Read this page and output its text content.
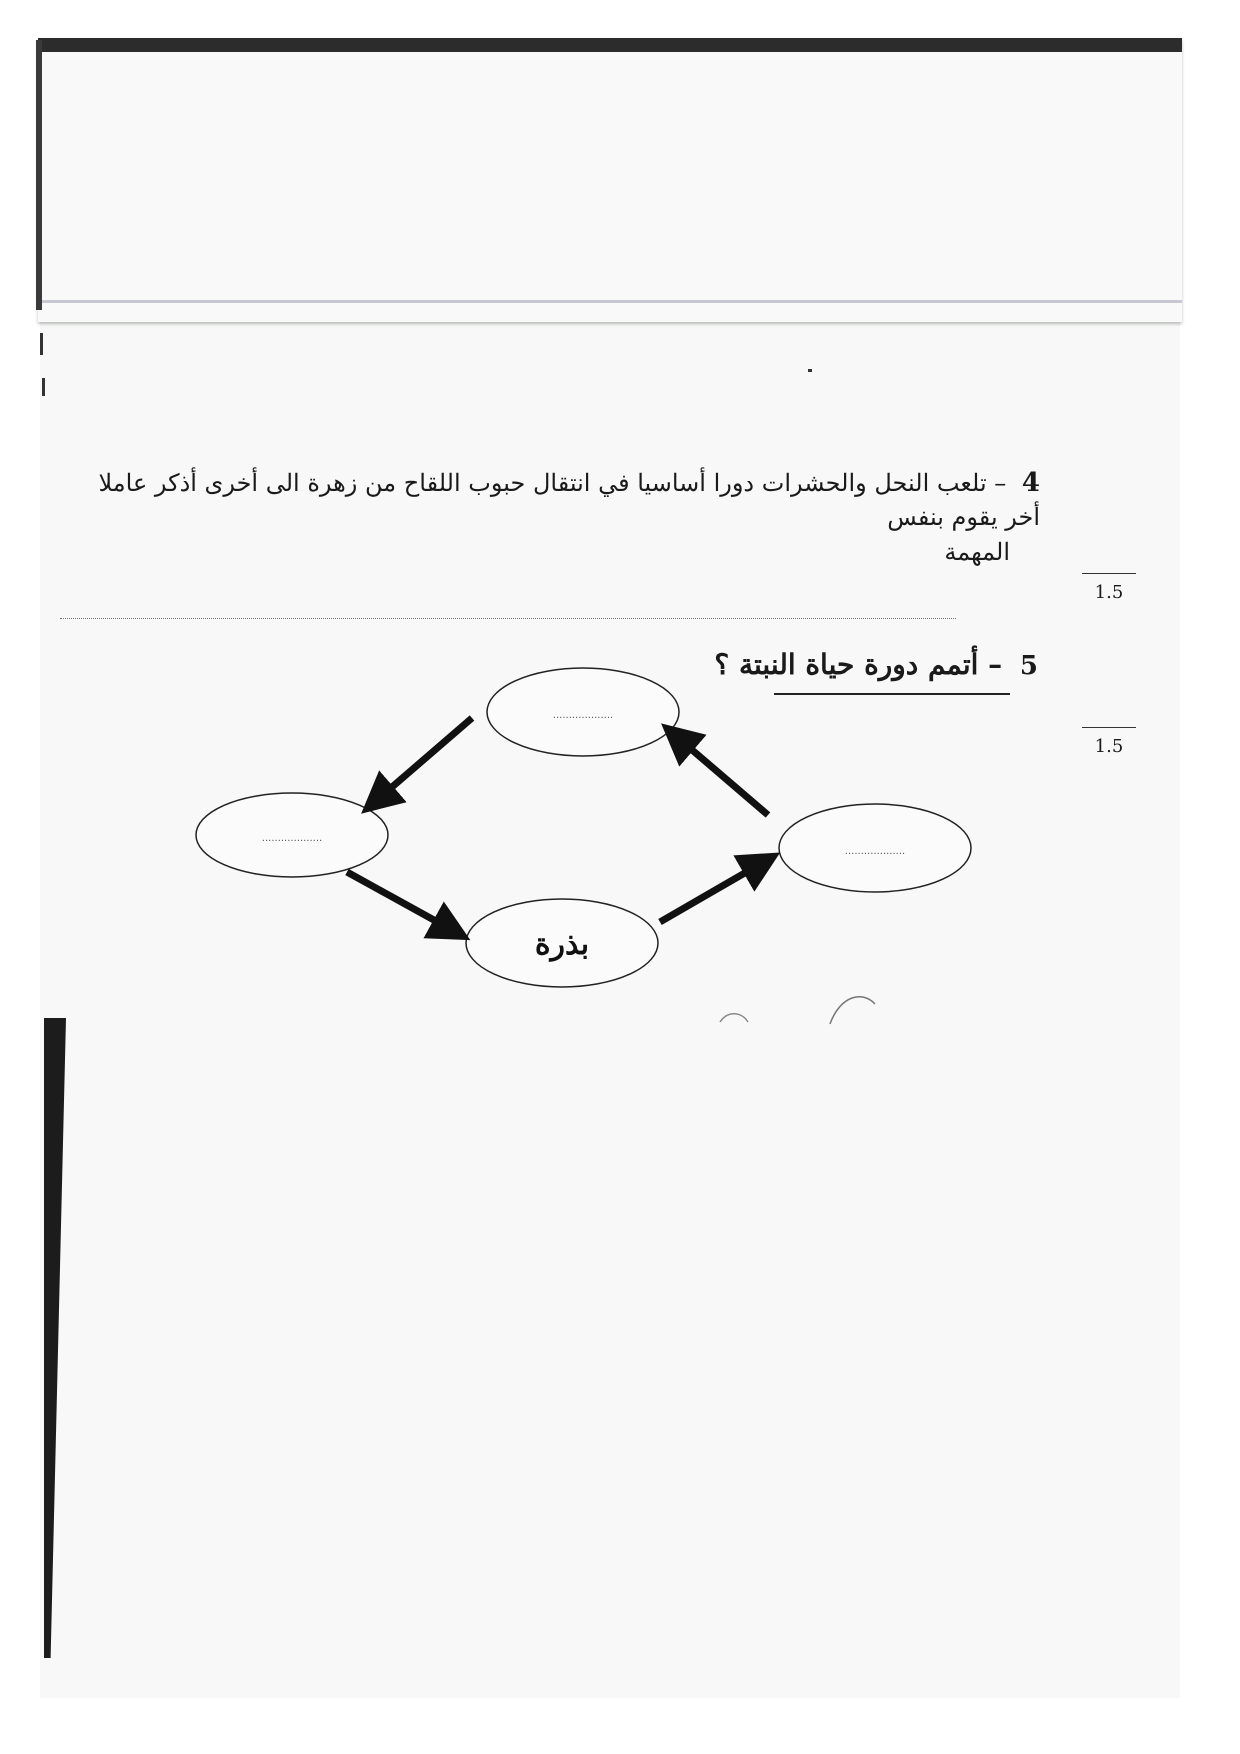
4 – تلعب النحل والحشرات دورا أساسيا في انتقال حبوب اللقاح من زهرة الى أخرى أذكر عاملا أخر يقوم بنفس
المهمة
5 – أتمم دورة حياة النبتة ؟
1.5
1.5
...................
...................
...................
بذرة
